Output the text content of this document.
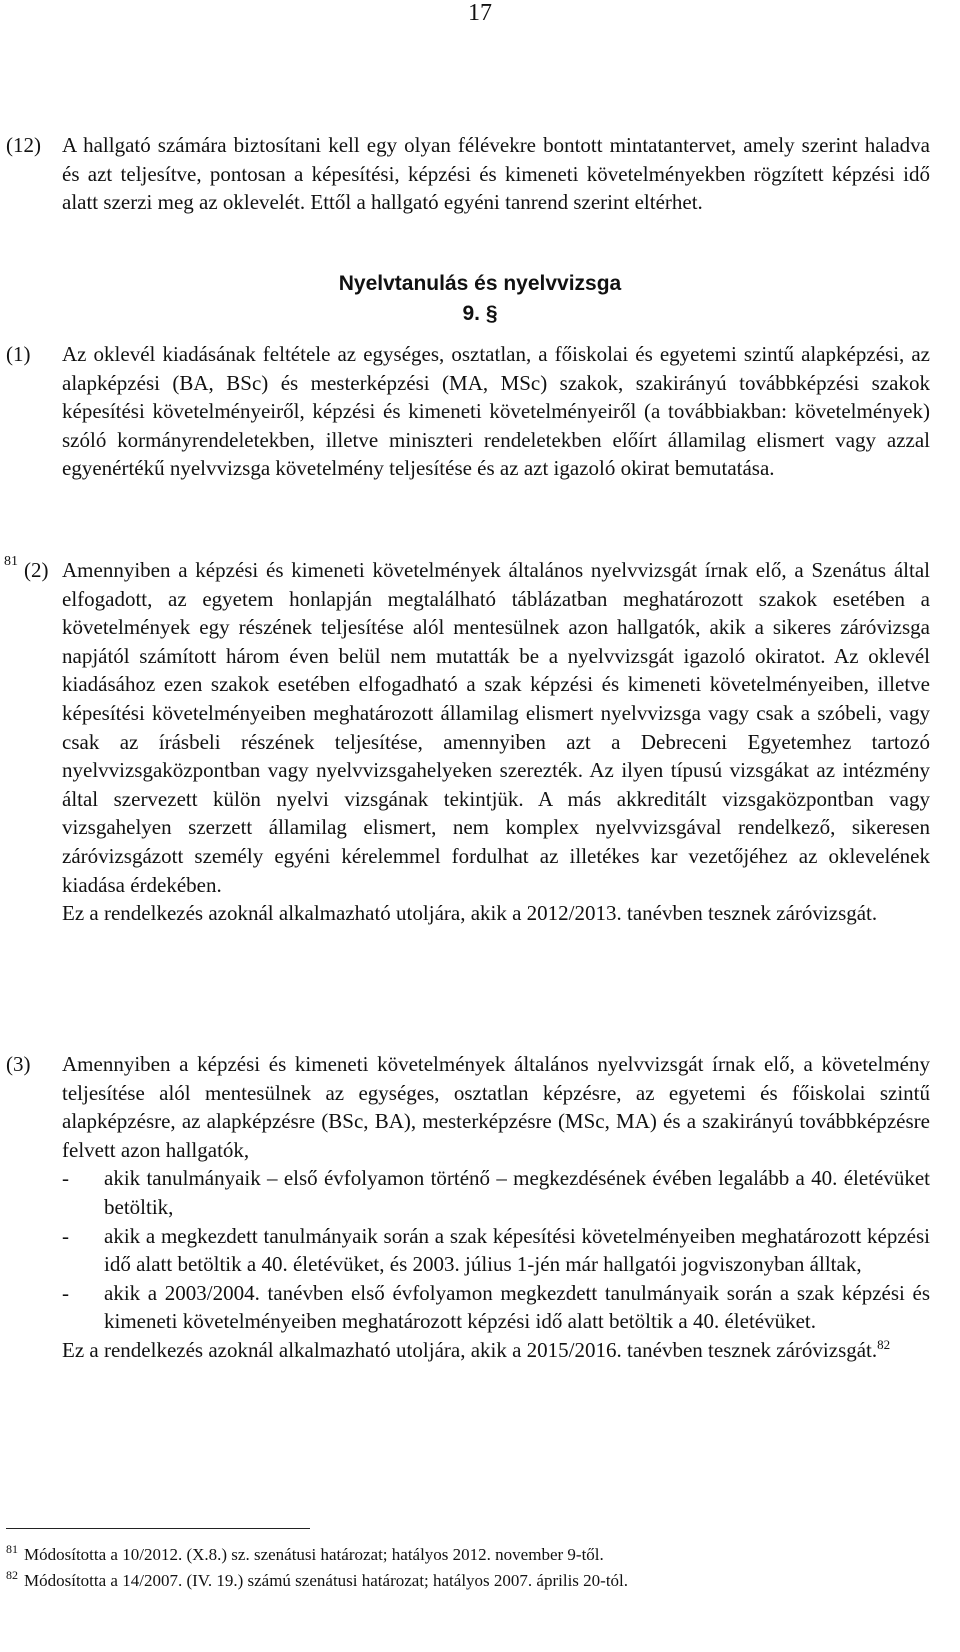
17
(12) A hallgató számára biztosítani kell egy olyan félévekre bontott mintatantervet, amely szerint haladva és azt teljesítve, pontosan a képesítési, képzési és kimeneti követelményekben rögzített képzési idő alatt szerzi meg az oklevelét. Ettől a hallgató egyéni tanrend szerint eltérhet.
Nyelvtanulás és nyelvvizsga
9. §
(1) Az oklevél kiadásának feltétele az egységes, osztatlan, a főiskolai és egyetemi szintű alapképzési, az alapképzési (BA, BSc) és mesterképzési (MA, MSc) szakok, szakirányú továbbképzési szakok képesítési követelményeiről, képzési és kimeneti követelményeiről (a továbbiakban: követelmények) szóló kormányrendeletekben, illetve miniszteri rendeletekben előírt államilag elismert vagy azzal egyenértékű nyelvvizsga követelmény teljesítése és az azt igazoló okirat bemutatása.
81 (2) Amennyiben a képzési és kimeneti követelmények általános nyelvvizsgát írnak elő, a Szenátus által elfogadott, az egyetem honlapján megtalálható táblázatban meghatározott szakok esetében a követelmények egy részének teljesítése alól mentesülnek azon hallgatók, akik a sikeres záróvizsga napjától számított három éven belül nem mutatták be a nyelvvizsgát igazoló okiratot. Az oklevél kiadásához ezen szakok esetében elfogadható a szak képzési és kimeneti követelményeiben, illetve képesítési követelményeiben meghatározott államilag elismert nyelvvizsga vagy csak a szóbeli, vagy csak az írásbeli részének teljesítése, amennyiben azt a Debreceni Egyetemhez tartozó nyelvvizsgaközpontban vagy nyelvvizsgahelyeken szerezték. Az ilyen típusú vizsgákat az intézmény által szervezett külön nyelvi vizsgának tekintjük. A más akkreditált vizsgaközpontban vagy vizsgahelyen szerzett államilag elismert, nem komplex nyelvvizsgával rendelkező, sikeresen záróvizsgázott személy egyéni kérelemmel fordulhat az illetékes kar vezetőjéhez az oklevelének kiadása érdekében.
Ez a rendelkezés azoknál alkalmazható utoljára, akik a 2012/2013. tanévben tesznek záróvizsgát.
(3) Amennyiben a képzési és kimeneti követelmények általános nyelvvizsgát írnak elő, a követelmény teljesítése alól mentesülnek az egységes, osztatlan képzésre, az egyetemi és főiskolai szintű alapképzésre, az alapképzésre (BSc, BA), mesterképzésre (MSc, MA) és a szakirányú továbbképzésre felvett azon hallgatók,
- akik tanulmányaik – első évfolyamon történő – megkezdésének évében legalább a 40. életévüket betöltik,
- akik a megkezdett tanulmányaik során a szak képesítési követelményeiben meghatározott képzési idő alatt betöltik a 40. életévüket, és 2003. július 1-jén már hallgatói jogviszonyban álltak,
- akik a 2003/2004. tanévben első évfolyamon megkezdett tanulmányaik során a szak képzési és kimeneti követelményeiben meghatározott képzési idő alatt betöltik a 40. életévüket.
Ez a rendelkezés azoknál alkalmazható utoljára, akik a 2015/2016. tanévben tesznek záróvizsgát.$^{82}$
$^{81}$ Módosította a 10/2012. (X.8.) sz. szenátusi határozat; hatályos 2012. november 9-től.
$^{82}$ Módosította a 14/2007. (IV. 19.) számú szenátusi határozat; hatályos 2007. április 20-tól.
